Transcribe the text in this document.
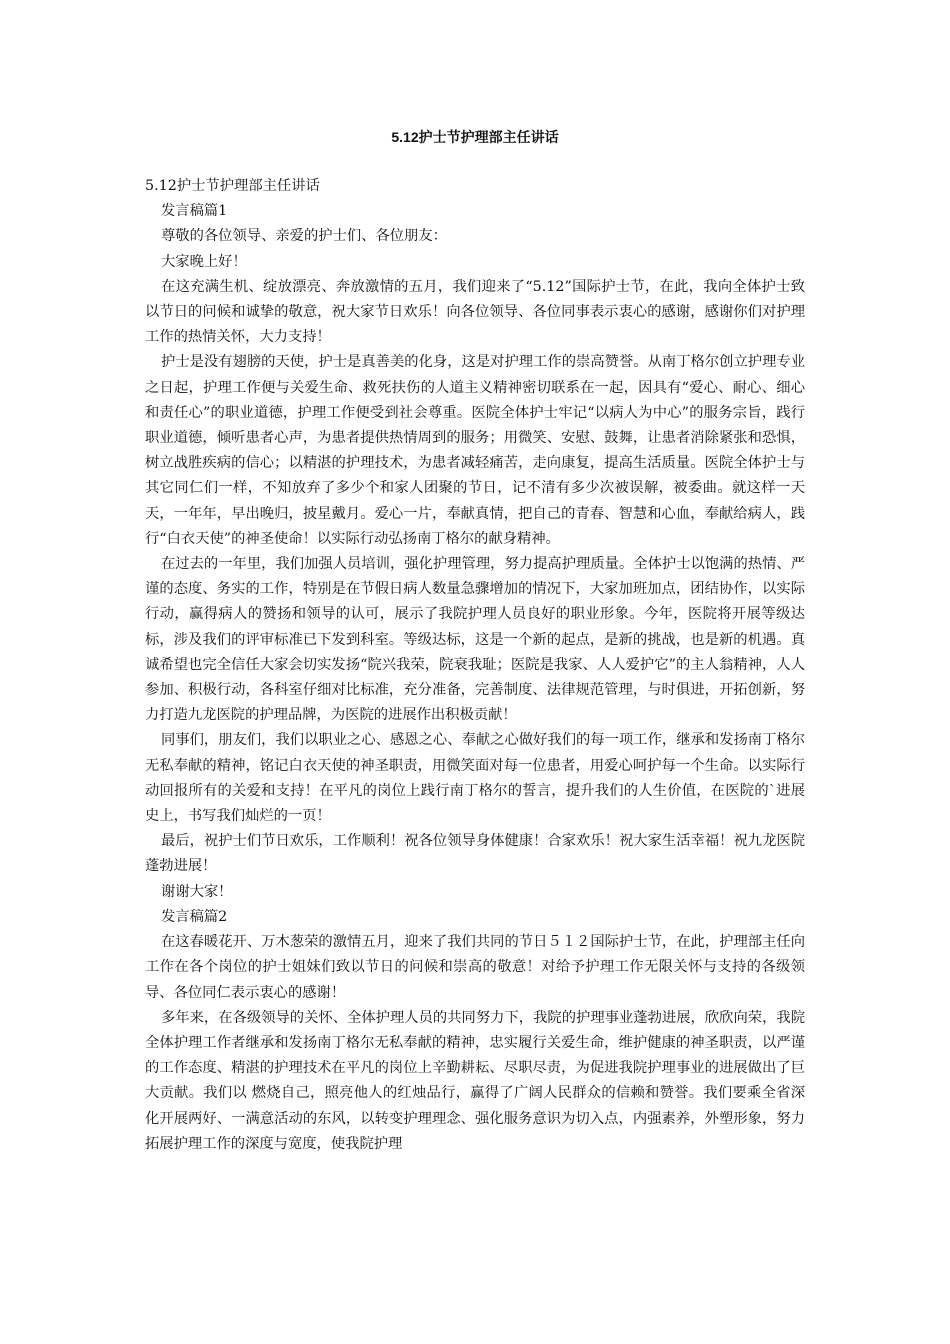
5.12护士节护理部主任讲话

5.12护士节护理部主任讲话

发言稿篇1

尊敬的各位领导、亲爱的护士们、各位朋友：

大家晚上好！

在这充满生机、绽放漂亮、奔放激情的五月，我们迎来了“5.12”国际护士节，在此，我向全体护士致以节日的问候和诚挚的敬意，祝大家节日欢乐！向各位领导、各位同事表示衷心的感谢，感谢你们对护理工作的热情关怀，大力支持！

护士是没有翅膀的天使，护士是真善美的化身，这是对护理工作的崇高赞誉。从南丁格尔创立护理专业之日起，护理工作便与关爱生命、救死扶伤的人道主义精神密切联系在一起，因具有“爱心、耐心、细心和责任心”的职业道德，护理工作便受到社会尊重。医院全体护士牢记“以病人为中心”的服务宗旨，践行职业道德，倾听患者心声，为患者提供热情周到的服务；用微笑、安慰、鼓舞，让患者消除紧张和恐惧，树立战胜疾病的信心；以精湛的护理技术，为患者减轻痛苦，走向康复，提高生活质量。医院全体护士与其它同仁们一样，不知放弃了多少个和家人团聚的节日，记不清有多少次被误解，被委曲。就这样一天天，一年年，早出晚归，披星戴月。爱心一片，奉献真情，把自己的青春、智慧和心血，奉献给病人，践行“白衣天使”的神圣使命！以实际行动弘扬南丁格尔的献身精神。

在过去的一年里，我们加强人员培训，强化护理管理，努力提高护理质量。全体护士以饱满的热情、严谨的态度、务实的工作，特别是在节假日病人数量急骤增加的情况下，大家加班加点，团结协作，以实际行动，赢得病人的赞扬和领导的认可，展示了我院护理人员良好的职业形象。今年，医院将开展等级达标，涉及我们的评审标准已下发到科室。等级达标，这是一个新的起点，是新的挑战，也是新的机遇。真诚希望也完全信任大家会切实发扬“院兴我荣，院衰我耻；医院是我家、人人爱护它”的主人翁精神，人人参加、积极行动，各科室仔细对比标准，充分准备，完善制度、法律规范管理，与时俱进，开拓创新，努力打造九龙医院的护理品牌，为医院的进展作出积极贡献！

同事们，朋友们，我们以职业之心、感恩之心、奉献之心做好我们的每一项工作，继承和发扬南丁格尔无私奉献的精神，铭记白衣天使的神圣职责，用微笑面对每一位患者，用爱心呵护每一个生命。以实际行动回报所有的关爱和支持！在平凡的岗位上践行南丁格尔的誓言，提升我们的人生价值，在医院的`进展史上，书写我们灿烂的一页！

最后，祝护士们节日欢乐，工作顺利！祝各位领导身体健康！合家欢乐！祝大家生活幸福！祝九龙医院蓬勃进展！

谢谢大家！

发言稿篇2

在这春暖花开、万木葱荣的激情五月，迎来了我们共同的节日５１２国际护士节，在此，护理部主任向工作在各个岗位的护士姐妹们致以节日的问候和崇高的敬意！对给予护理工作无限关怀与支持的各级领导、各位同仁表示衷心的感谢！

多年来，在各级领导的关怀、全体护理人员的共同努力下，我院的护理事业蓬勃进展，欣欣向荣，我院全体护理工作者继承和发扬南丁格尔无私奉献的精神，忠实履行关爱生命，维护健康的神圣职责，以严谨的工作态度、精湛的护理技术在平凡的岗位上辛勤耕耘、尽职尽责，为促进我院护理事业的进展做出了巨大贡献。我们以 燃烧自己，照亮他人的红烛品行，赢得了广阔人民群众的信赖和赞誉。我们要乘全省深化开展两好、一满意活动的东风，以转变护理理念、强化服务意识为切入点，内强素养，外塑形象，努力拓展护理工作的深度与宽度，使我院护理
